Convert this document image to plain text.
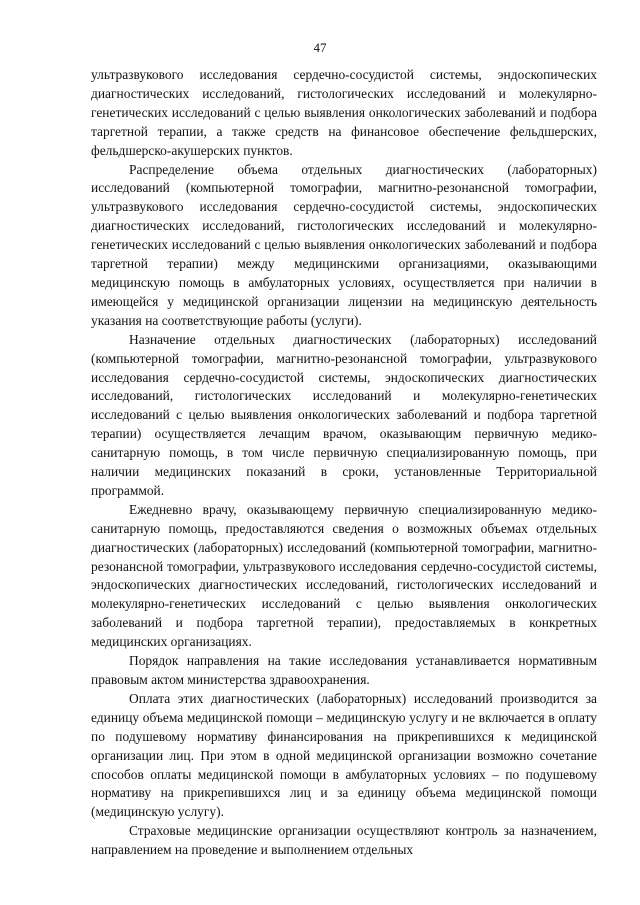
47

ультразвукового исследования сердечно-сосудистой системы, эндоскопических диагностических исследований, гистологических исследований и молекулярно-генетических исследований с целью выявления онкологических заболеваний и подбора таргетной терапии, а также средств на финансовое обеспечение фельдшерских, фельдшерско-акушерских пунктов.

Распределение объема отдельных диагностических (лабораторных) исследований (компьютерной томографии, магнитно-резонансной томографии, ультразвукового исследования сердечно-сосудистой системы, эндоскопических диагностических исследований, гистологических исследований и молекулярно-генетических исследований с целью выявления онкологических заболеваний и подбора таргетной терапии) между медицинскими организациями, оказывающими медицинскую помощь в амбулаторных условиях, осуществляется при наличии в имеющейся у медицинской организации лицензии на медицинскую деятельность указания на соответствующие работы (услуги).

Назначение отдельных диагностических (лабораторных) исследований (компьютерной томографии, магнитно-резонансной томографии, ультразвукового исследования сердечно-сосудистой системы, эндоскопических диагностических исследований, гистологических исследований и молекулярно-генетических исследований с целью выявления онкологических заболеваний и подбора таргетной терапии) осуществляется лечащим врачом, оказывающим первичную медико-санитарную помощь, в том числе первичную специализированную помощь, при наличии медицинских показаний в сроки, установленные Территориальной программой.

Ежедневно врачу, оказывающему первичную специализированную медико-санитарную помощь, предоставляются сведения о возможных объемах отдельных диагностических (лабораторных) исследований (компьютерной томографии, магнитно-резонансной томографии, ультразвукового исследования сердечно-сосудистой системы, эндоскопических диагностических исследований, гистологических исследований и молекулярно-генетических исследований с целью выявления онкологических заболеваний и подбора таргетной терапии), предоставляемых в конкретных медицинских организациях.

Порядок направления на такие исследования устанавливается нормативным правовым актом министерства здравоохранения.

Оплата этих диагностических (лабораторных) исследований производится за единицу объема медицинской помощи – медицинскую услугу и не включается в оплату по подушевому нормативу финансирования на прикрепившихся к медицинской организации лиц. При этом в одной медицинской организации возможно сочетание способов оплаты медицинской помощи в амбулаторных условиях – по подушевому нормативу на прикрепившихся лиц и за единицу объема медицинской помощи (медицинскую услугу).

Страховые медицинские организации осуществляют контроль за назначением, направлением на проведение и выполнением отдельных
